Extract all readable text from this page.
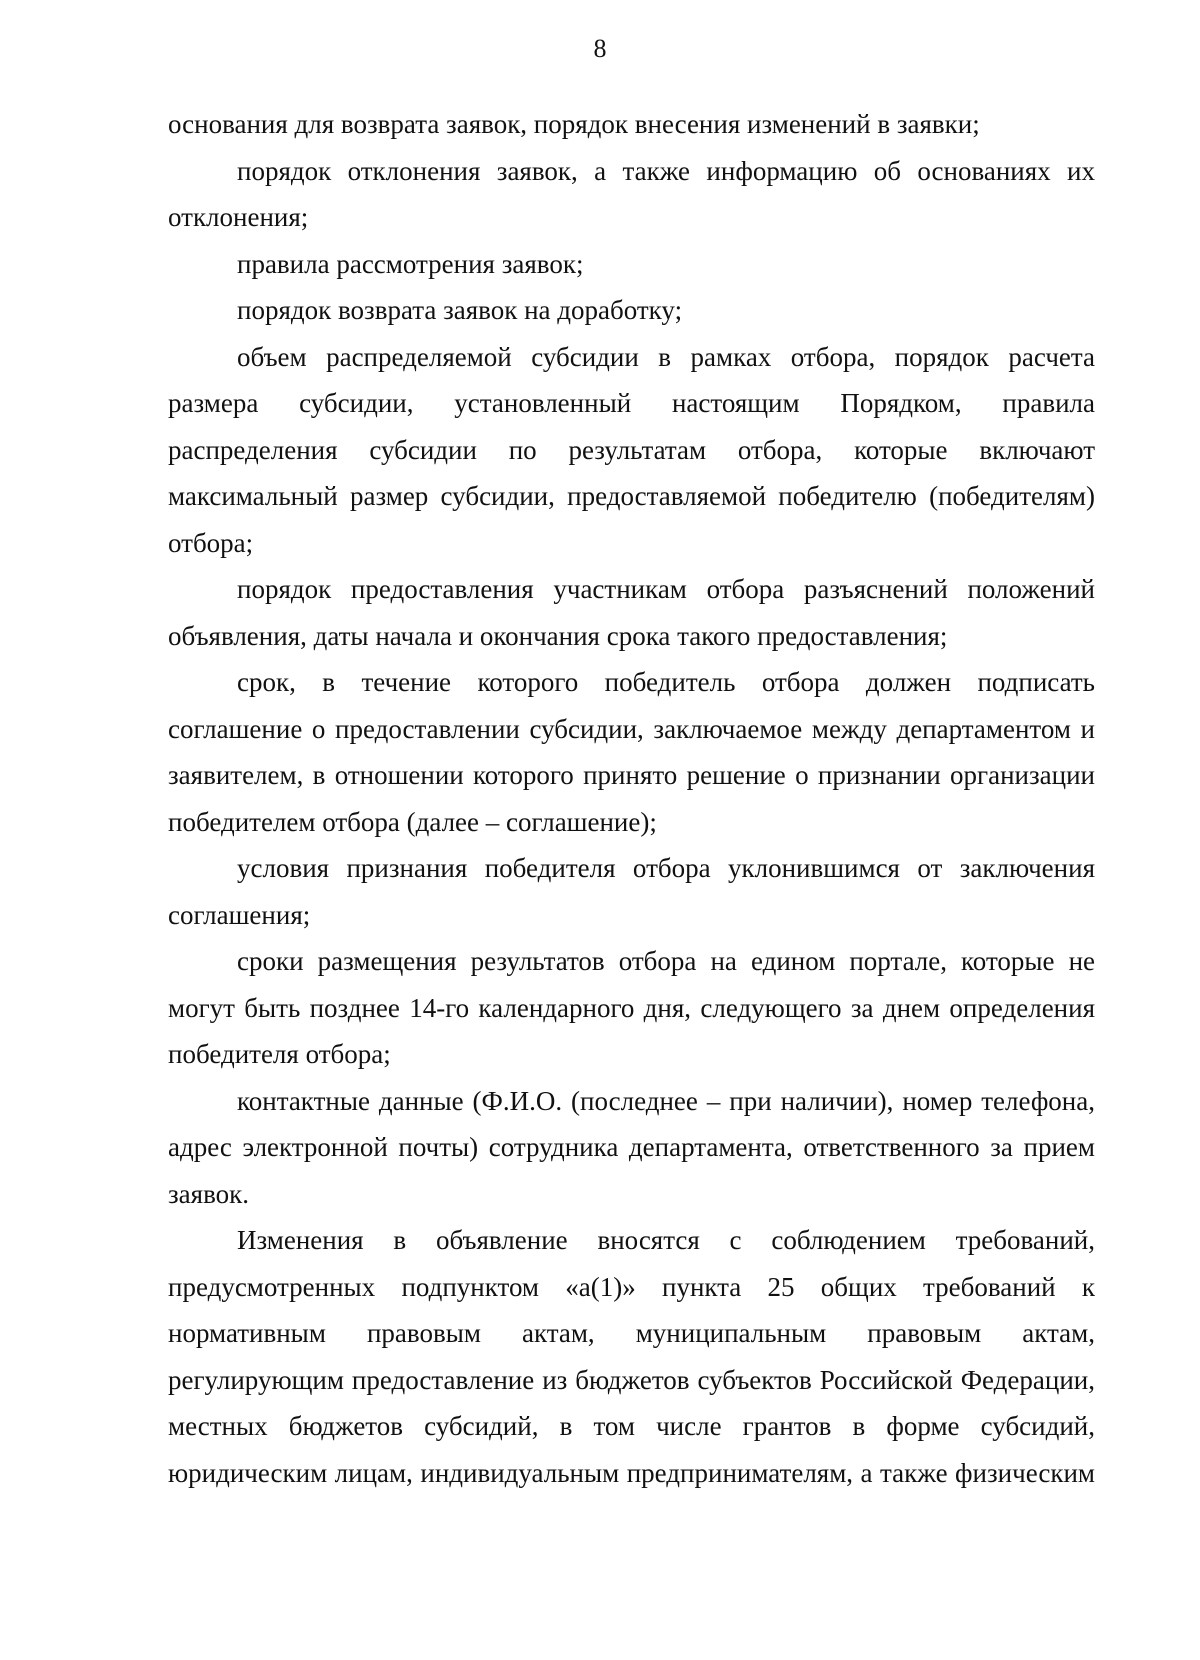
8

основания для возврата заявок, порядок внесения изменений в заявки;

порядок отклонения заявок, а также информацию об основаниях их отклонения;

правила рассмотрения заявок;

порядок возврата заявок на доработку;

объем распределяемой субсидии в рамках отбора, порядок расчета размера субсидии, установленный настоящим Порядком, правила распределения субсидии по результатам отбора, которые включают максимальный размер субсидии, предоставляемой победителю (победителям) отбора;

порядок предоставления участникам отбора разъяснений положений объявления, даты начала и окончания срока такого предоставления;

срок, в течение которого победитель отбора должен подписать соглашение о предоставлении субсидии, заключаемое между департаментом и заявителем, в отношении которого принято решение о признании организации победителем отбора (далее – соглашение);

условия признания победителя отбора уклонившимся от заключения соглашения;

сроки размещения результатов отбора на едином портале, которые не могут быть позднее 14-го календарного дня, следующего за днем определения победителя отбора;

контактные данные (Ф.И.О. (последнее – при наличии), номер телефона, адрес электронной почты) сотрудника департамента, ответственного за прием заявок.

Изменения в объявление вносятся с соблюдением требований, предусмотренных подпунктом «а(1)» пункта 25 общих требований к нормативным правовым актам, муниципальным правовым актам, регулирующим предоставление из бюджетов субъектов Российской Федерации, местных бюджетов субсидий, в том числе грантов в форме субсидий, юридическим лицам, индивидуальным предпринимателям, а также физическим
